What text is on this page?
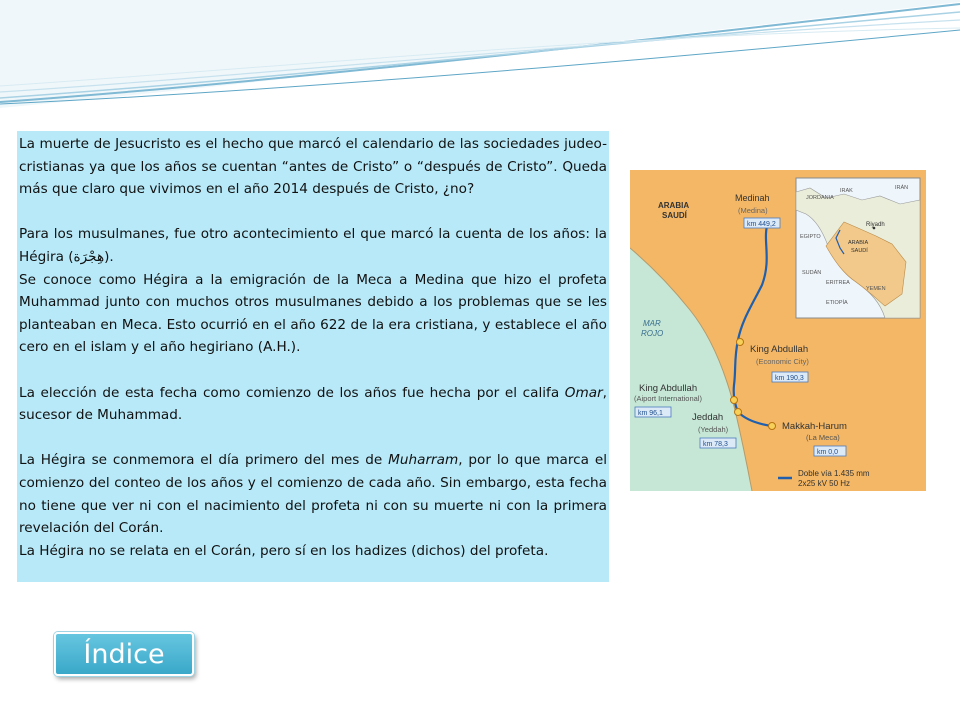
La muerte de Jesucristo es el hecho que marcó el calendario de las sociedades judeo-cristianas ya que los años se cuentan “antes de Cristo” o “después de Cristo”. Queda más que claro que vivimos en el año 2014 después de Cristo, ¿no?

Para los musulmanes, fue otro acontecimiento el que marcó la cuenta de los años: la Hégira (هِجْرَة).

Se conoce como Hégira a la emigración de la Meca a Medina que hizo el profeta Muhammad junto con muchos otros musulmanes debido a los problemas que se les planteaban en Meca. Esto ocurrió en el año 622 de la era cristiana, y establece el año cero en el islam y el año hegiriano (A.H.).

La elección de esta fecha como comienzo de los años fue hecha por el califa Omar, sucesor de Muhammad.

La Hégira se conmemora el día primero del mes de Muharram, por lo que marca el comienzo del conteo de los años y el comienzo de cada año. Sin embargo, esta fecha no tiene que ver ni con el nacimiento del profeta ni con su muerte ni con la primera revelación del Corán.

La Hégira no se relata en el Corán, pero sí en los hadizes (dichos) del profeta.

ARABIA
SAUDÍ
MAR
ROJO
Medinah
(Medina)
km 449,2
King Abdullah
(Economic City)
km 190,3
King Abdullah
(Aiport International)
km 96,1	Jeddah
(Yeddah)
km 78,3
Makkah-Harum
(La Meca)
km 0,0
Doble vía 1.435 mm
2x25 kV 50 Hz
IRAK	IRÁN
JORDANIA
EGIPTO
Riyadh
ARABIA
SAUDÍ
SUDÁN
ERITREA
YEMEN
ETIOPÍA
Índice
